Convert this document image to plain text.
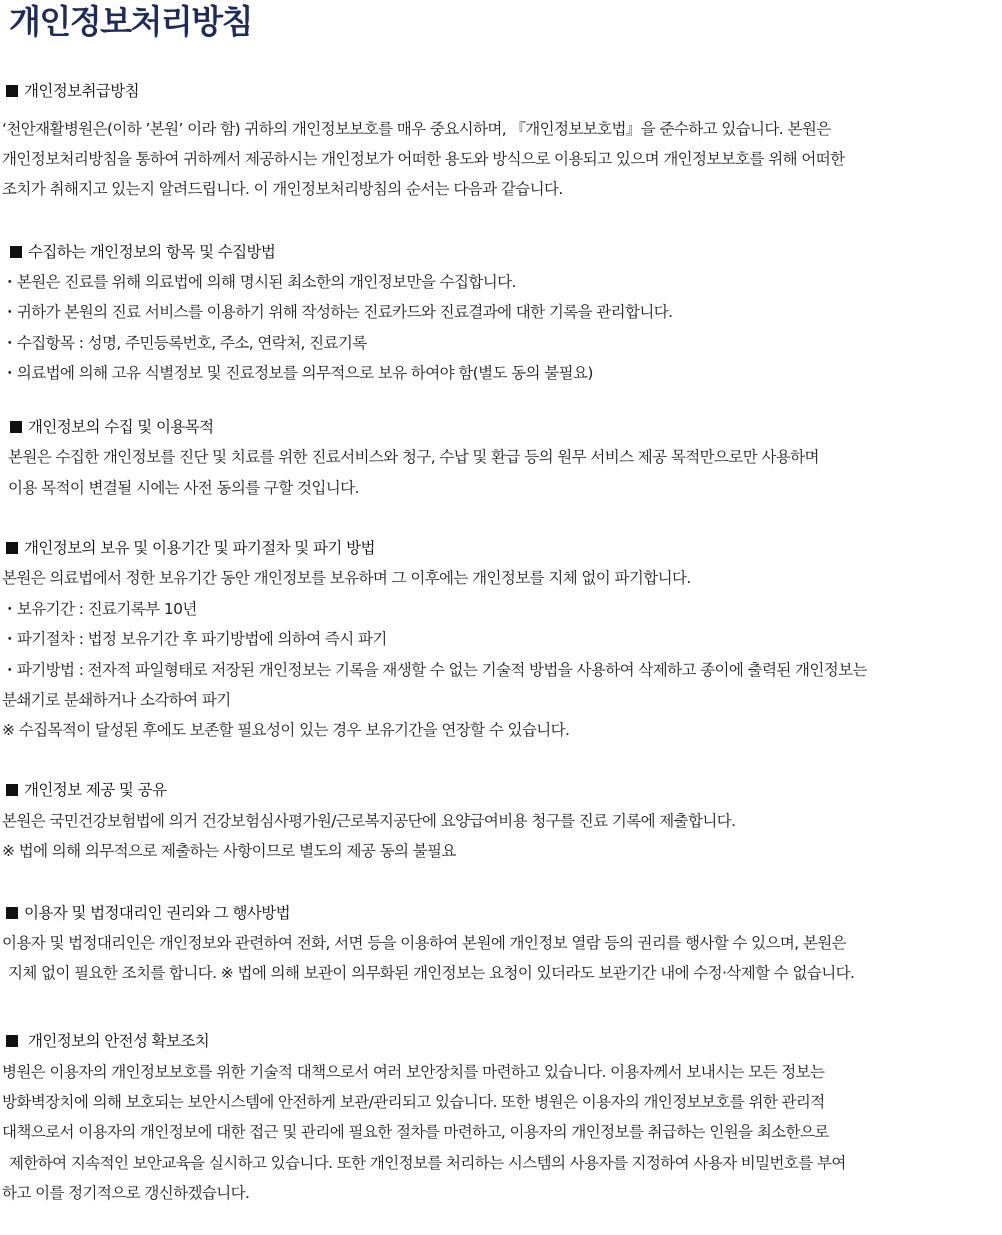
개인정보처리방침
개인정보취급방침
‘천안재활병원은(이하 ’본원’ 이라 함) 귀하의 개인정보보호를 매우 중요시하며, 『개인정보보호법』을 준수하고 있습니다. 본원은
개인정보처리방침을 통하여 귀하께서 제공하시는 개인정보가 어떠한 용도와 방식으로 이용되고 있으며 개인정보보호를 위해 어떠한
조치가 취해지고 있는지 알려드립니다. 이 개인정보처리방침의 순서는 다음과 같습니다.
수집하는 개인정보의 항목 및 수집방법
・본원은 진료를 위해 의료법에 의해 명시된 최소한의 개인정보만을 수집합니다.
・귀하가 본원의 진료 서비스를 이용하기 위해 작성하는 진료카드와 진료결과에 대한 기록을 관리합니다.
・수집항목 : 성명, 주민등록번호, 주소, 연락처, 진료기록
・의료법에 의해 고유 식별정보 및 진료정보를 의무적으로 보유 하여야 함(별도 동의 불필요)
개인정보의 수집 및 이용목적
본원은 수집한 개인정보를 진단 및 치료를 위한 진료서비스와 청구, 수납 및 환급 등의 원무 서비스 제공 목적만으로만 사용하며
이용 목적이 변결될 시에는 사전 동의를 구할 것입니다.
개인정보의 보유 및 이용기간 및 파기절차 및 파기 방법
본원은 의료법에서 정한 보유기간 동안 개인정보를 보유하며 그 이후에는 개인정보를 지체 없이 파기합니다.
・보유기간 : 진료기록부 10년
・파기절차 : 법정 보유기간 후 파기방법에 의하여 즉시 파기
・파기방법 : 전자적 파일형태로 저장된 개인정보는 기록을 재생할 수 없는 기술적 방법을 사용하여 삭제하고 종이에 출력된 개인정보는
분쇄기로 분쇄하거나 소각하여 파기
※ 수집목적이 달성된 후에도 보존할 필요성이 있는 경우 보유기간을 연장할 수 있습니다.
개인정보 제공 및 공유
본원은 국민건강보험법에 의거 건강보험심사평가원/근로복지공단에 요양급여비용 청구를 진료 기록에 제출합니다.
※ 법에 의해 의무적으로 제출하는 사항이므로 별도의 제공 동의 불필요
이용자 및 법정대리인 권리와 그 행사방법
이용자 및 법정대리인은 개인정보와 관련하여 전화, 서면 등을 이용하여 본원에 개인정보 열람 등의 권리를 행사할 수 있으며, 본원은
지체 없이 필요한 조치를 합니다. ※ 법에 의해 보관이 의무화된 개인정보는 요청이 있더라도 보관기간 내에 수정·삭제할 수 없습니다.
개인정보의 안전성 확보조치
병원은 이용자의 개인정보보호를 위한 기술적 대책으로서 여러 보안장치를 마련하고 있습니다. 이용자께서 보내시는 모든 정보는
방화벽장치에 의해 보호되는 보안시스템에 안전하게 보관/관리되고 있습니다. 또한 병원은 이용자의 개인정보보호를 위한 관리적
대책으로서 이용자의 개인정보에 대한 접근 및 관리에 필요한 절차를 마련하고, 이용자의 개인정보를 취급하는 인원을 최소한으로
제한하여 지속적인 보안교육을 실시하고 있습니다. 또한 개인정보를 처리하는 시스템의 사용자를 지정하여 사용자 비밀번호를 부여
하고 이를 정기적으로 갱신하겠습니다.
